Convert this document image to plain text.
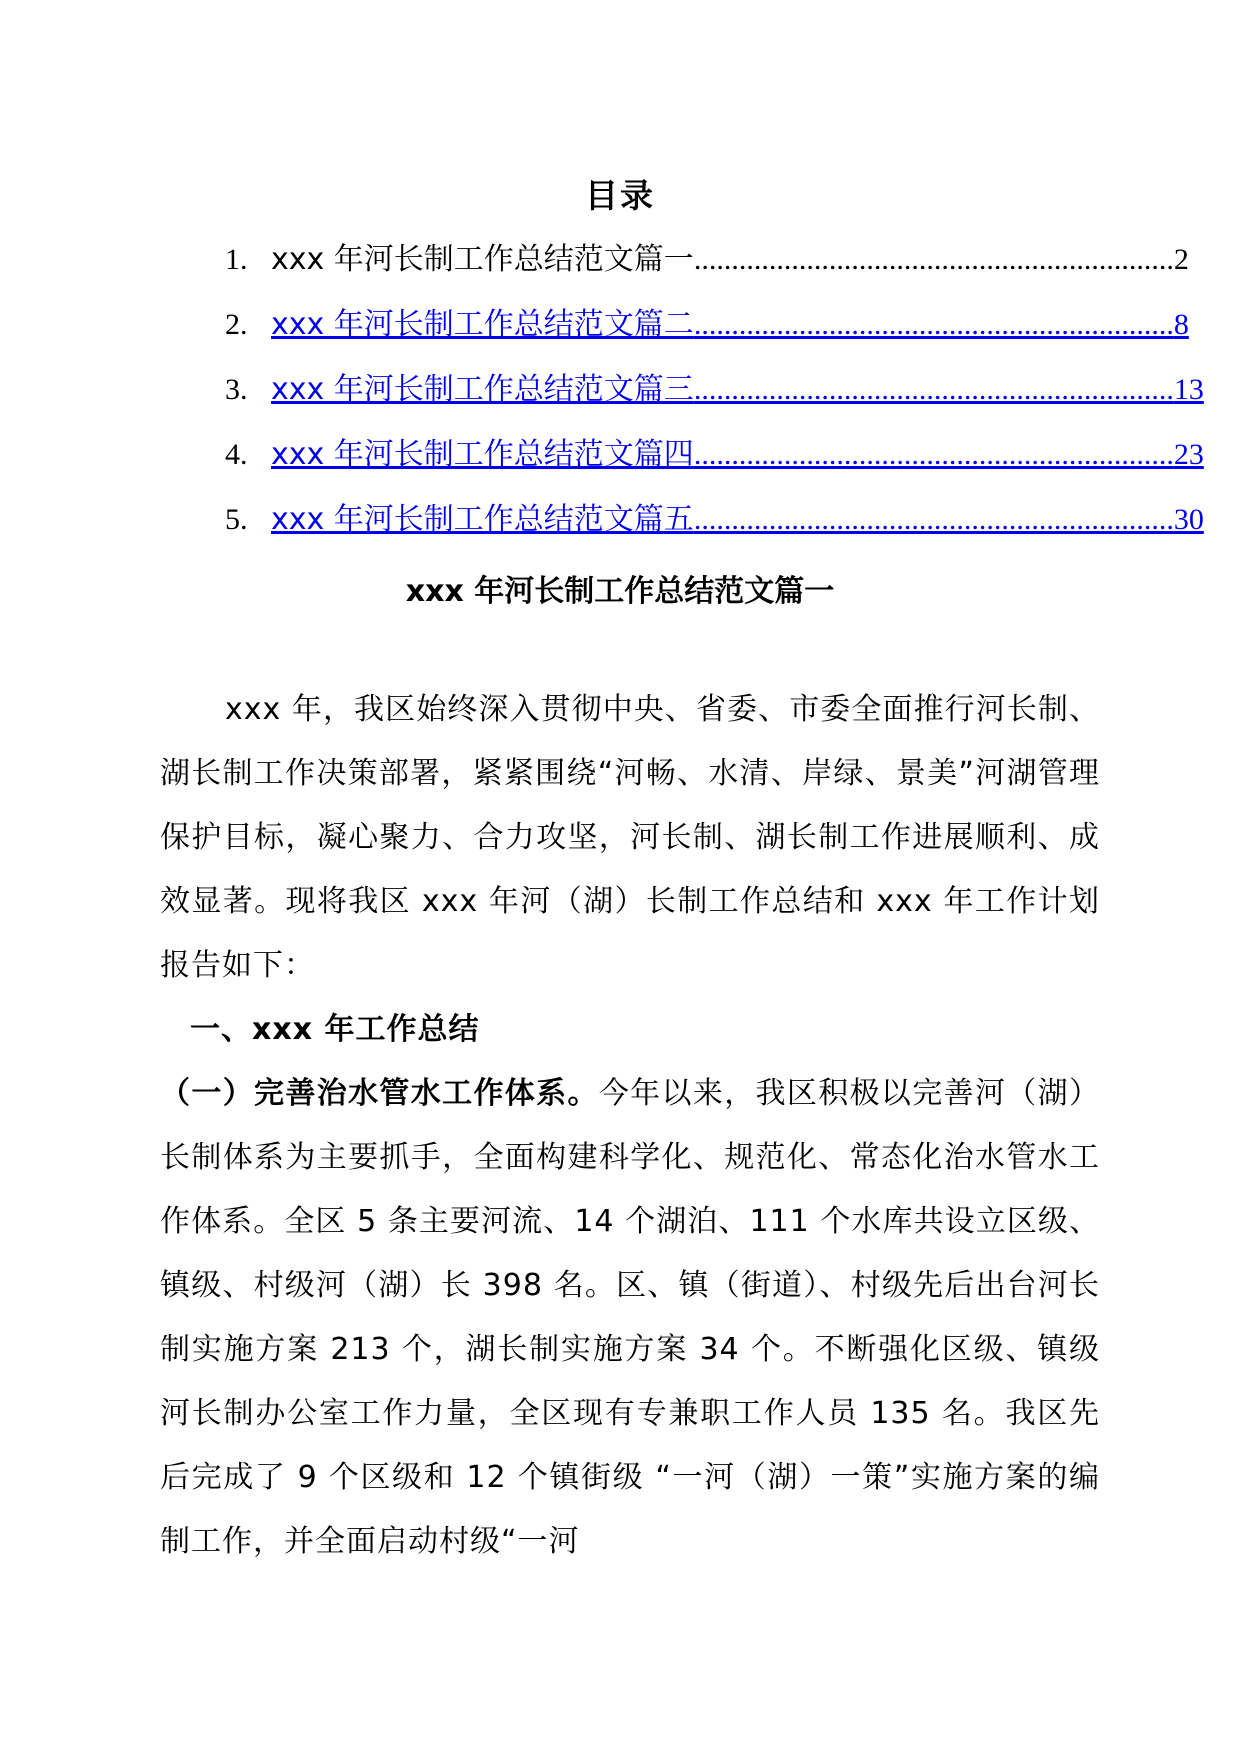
目录
1. xxx 年河长制工作总结范文篇一 ................................................................ 2
2. xxx 年河长制工作总结范文篇二 ................................................................ 8
3. xxx 年河长制工作总结范文篇三 ................................................................ 13
4. xxx 年河长制工作总结范文篇四 ................................................................ 23
5. xxx 年河长制工作总结范文篇五 ................................................................ 30
xxx 年河长制工作总结范文篇一

xxx 年，我区始终深入贯彻中央、省委、市委全面推行河长制、湖长制工作决策部署，紧紧围绕“河畅、水清、岸绿、景美”河湖管理保护目标，凝心聚力、合力攻坚，河长制、湖长制工作进展顺利、成效显著。现将我区 xxx 年河（湖）长制工作总结和 xxx 年工作计划报告如下：

一、xxx 年工作总结

（一）完善治水管水工作体系。今年以来，我区积极以完善河（湖）长制体系为主要抓手，全面构建科学化、规范化、常态化治水管水工作体系。全区 5 条主要河流、14 个湖泊、111 个水库共设立区级、镇级、村级河（湖）长 398 名。区、镇（街道）、村级先后出台河长制实施方案 213 个，湖长制实施方案 34 个。不断强化区级、镇级河长制办公室工作力量，全区现有专兼职工作人员 135 名。我区先后完成了 9 个区级和 12 个镇街级 “一河（湖）一策”实施方案的编制工作，并全面启动村级“一河
